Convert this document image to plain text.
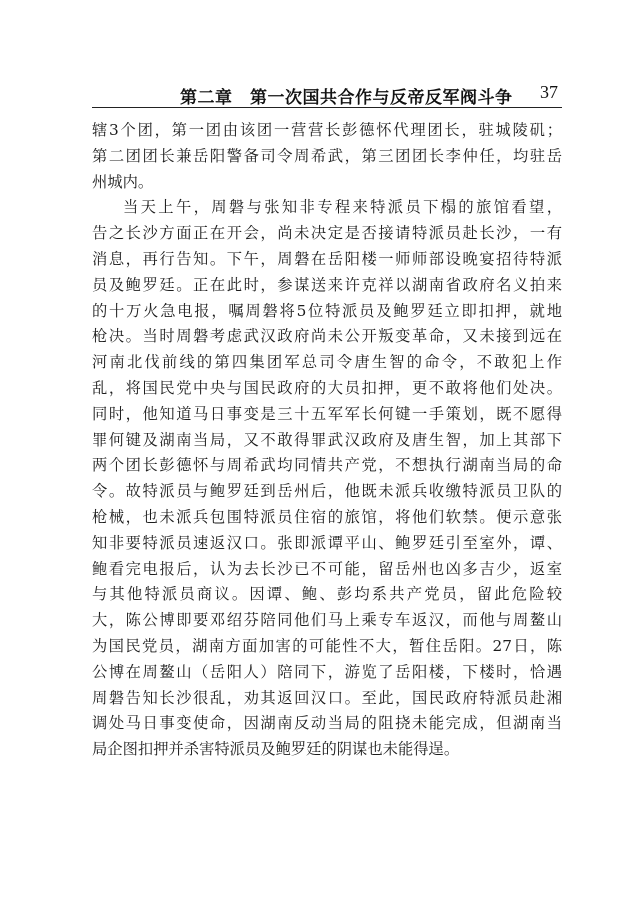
第二章　第一次国共合作与反帝反军阀斗争 37
辖3个团，第一团由该团一营营长彭德怀代理团长，驻城陵矶；
第二团团长兼岳阳警备司令周希武，第三团团长李仲任，均驻岳
州城内。
当天上午，周磐与张知非专程来特派员下榻的旅馆看望，
告之长沙方面正在开会，尚未决定是否接请特派员赴长沙，一有
消息，再行告知。下午，周磐在岳阳楼一师师部设晚宴招待特派
员及鲍罗廷。正在此时，参谋送来许克祥以湖南省政府名义拍来
的十万火急电报，嘱周磐将5位特派员及鲍罗廷立即扣押，就地
枪决。当时周磐考虑武汉政府尚未公开叛变革命，又未接到远在
河南北伐前线的第四集团军总司令唐生智的命令，不敢犯上作
乱，将国民党中央与国民政府的大员扣押，更不敢将他们处决。
同时，他知道马日事变是三十五军军长何键一手策划，既不愿得
罪何键及湖南当局，又不敢得罪武汉政府及唐生智，加上其部下
两个团长彭德怀与周希武均同情共产党，不想执行湖南当局的命
令。故特派员与鲍罗廷到岳州后，他既未派兵收缴特派员卫队的
枪械，也未派兵包围特派员住宿的旅馆，将他们软禁。便示意张
知非要特派员速返汉口。张即派谭平山、鲍罗廷引至室外，谭、
鲍看完电报后，认为去长沙已不可能，留岳州也凶多吉少，返室
与其他特派员商议。因谭、鲍、彭均系共产党员，留此危险较
大，陈公博即要邓绍芬陪同他们马上乘专车返汉，而他与周鳌山
为国民党员，湖南方面加害的可能性不大，暂住岳阳。27日，陈
公博在周鳌山（岳阳人）陪同下，游览了岳阳楼，下楼时，恰遇
周磐告知长沙很乱，劝其返回汉口。至此，国民政府特派员赴湘
调处马日事变使命，因湖南反动当局的阻挠未能完成，但湖南当
局企图扣押并杀害特派员及鲍罗廷的阴谋也未能得逞。
